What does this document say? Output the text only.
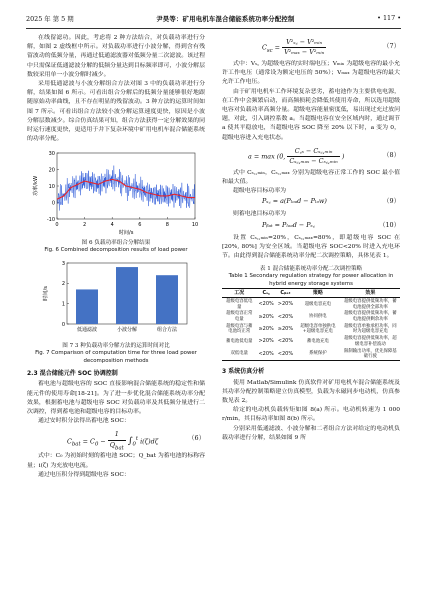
2025 年 第 5 期	尹昊等：矿用电机车混合储能系统功率分配控制	• 117 •

在线留滤功。因此，考虑将 2 种方法结合，对负载功率进行分解，如图 2 虚线框中所示。对负载功率进行小波分解，得到含有残留波动的低频分量，再通过低通滤波器对低频分量二次滤波。该过程中只需保证低通滤波分解的低频分量达到目标频率即可，小波分解层数较采用单一小波分解时减少。

采用低通滤波与小波分解组合方法对图 3 中的负载功率进行分解，结果如图 6 所示。可看出组合分解后的低频分量能够很好地跟随原始功率曲线，且不存在明显的残留波动。3 种方法的运算时间如图 7 所示。可看出组合方法较小波分解运算速度更快，原因是小波分解层数减少。综合仿真结果可知，组合方法获得一定分解效果的同时运行速度更快，更适用于井下复杂环境中矿用电机车混合储能系统的功率分配。

0	2	4	6	8	10
-10
0
10
20
30
时间/s
功率/kW

图 6 负载功率组合分解结果

Fig. 6 Combined decomposition results of load power

0
1
2
3
时间/s
低通滤波	小波分解	组合方法

图 7 3 种负载功率分解方法的运算时间对比

Fig. 7 Comparison of computation time for three load power decomposition methods

2.3 混合储能元件 SOC 协调控制

蓄电池与超级电容的 SOC 直接影响混合储能系统的稳定性和储能元件的使用寿命[18-21]。为了进一步优化混合储能系统功率分配效果，根据蓄电池与超级电容 SOC 对负载功率及其低频分量进行二次调控，得到蓄电池和超级电容的目标功率。

通过安时积分法得出蓄电池 SOC：

$C_{bat} = C_0 - \frac{1}{Q_{bat}} \int_0^t$ i(ζ)dζ	（6）

式中：C₀ 为初始时刻的蓄电池 SOC；Q_bat 为蓄电池的标称容量；i(ζ) 为充放电电流。

通过电压积分得到超级电容 SOC：

$C_{sc} = \frac{\text{V²ₛ꜀ − V²ₘᵢₙ}}{\text{V²ₘₐₓ − V²ₘᵢₙ}}$	（7）

式中：Vₛ꜀ 为超级电容的实时端电压；Vₘᵢₙ 为超级电容的最小允许工作电压（通常设为额定电压的 50%）；Vₘₐₓ 为超级电容的最大允许工作电压。

由于矿用电机车工作环境复杂恶劣，蓄电池作为主要供电电源，在工作中会频繁启动，而高频损耗会降低其使用寿命，所以选用超级电容对负载功率高频分量。超级电容能量密度低，易出现过充过放问题，对此，引入调控系数 a。当超级电容在安全区域内时，通过调节 a 使其平稳放电，当超级电容 SOC 降至 20% 以下时，a 变为 0，超级电容进入充电状态。

a = max (0, $\frac{\text{C꜀ₛ − Cₛ꜀,ₘᵢₙ}}{\text{Cₛ꜀,ₘₐₓ − Cₛ꜀,ₘᵢₙ}}$ )	（8）

式中 Cₛ꜀,ₘᵢₙ，Cₛ꜀,ₘₐₓ 分别为超级电容正常工作的 SOC 最小值和最大值。

超级电容目标功率为

Pₛ꜀ = a(Pₗₒₐd − Pₗₒw)	（9）

则蓄电池目标功率为

Pᵦₐₜ = Pₗₒₐd − Pₛ꜀	（10）

设置 Cₛ꜀,ₘᵢₙ=20%，Cₛ꜀,ₘₐₓ=80%，即超级电容 SOC 在 [20%, 80%] 为安全区域。当超级电容 SOC<20% 时进入充电环节。由此得到混合储能系统功率分配二次调控策略，具体见表 1。

表 1 混合储能系统功率分配二次调控策略

Table 1 Secondary regulation strategy for power allocation in hybrid energy storage systems

工况	Cₛ꜀	Cᵦₐₜ	策略	效果
超级电容低电量	<20%	>20%	超级电容充电	超级电容提供低频功率，蓄电池提供全部功率
超级电容正常电量	≥20%	<20%	协同供电	超级电容提供低频功率，蓄电池提供剩余功率
超级电容与蓄电池均正常	≥20%	≥20%	超级电容单独供电+超级电容充电	超级电容单独承担功率，同时为超级电容充电
蓄电池低电量	>20%	<20%	蓄电池充电	超级电容提供低频功率，超级电容补偿波动
双低电量	<20%	<20%	系统保护	限制输出功率，优先保障基础行驶
3 系统仿真分析

使用 Matlab/Simulink 仿真软件对矿用电机车混合储能系统及其功率分配控制策略建立仿真模型，负载为永磁同步电动机，仿真参数见表 2。

给定的电动机负载转矩如图 8(a) 所示。电动机转速为 1 000 r/min，其目标功率如图 8(b) 所示。

分别采用低通滤波、小波分解和二者组合方法对给定的电动机负载功率进行分解，结果如图 9 所
